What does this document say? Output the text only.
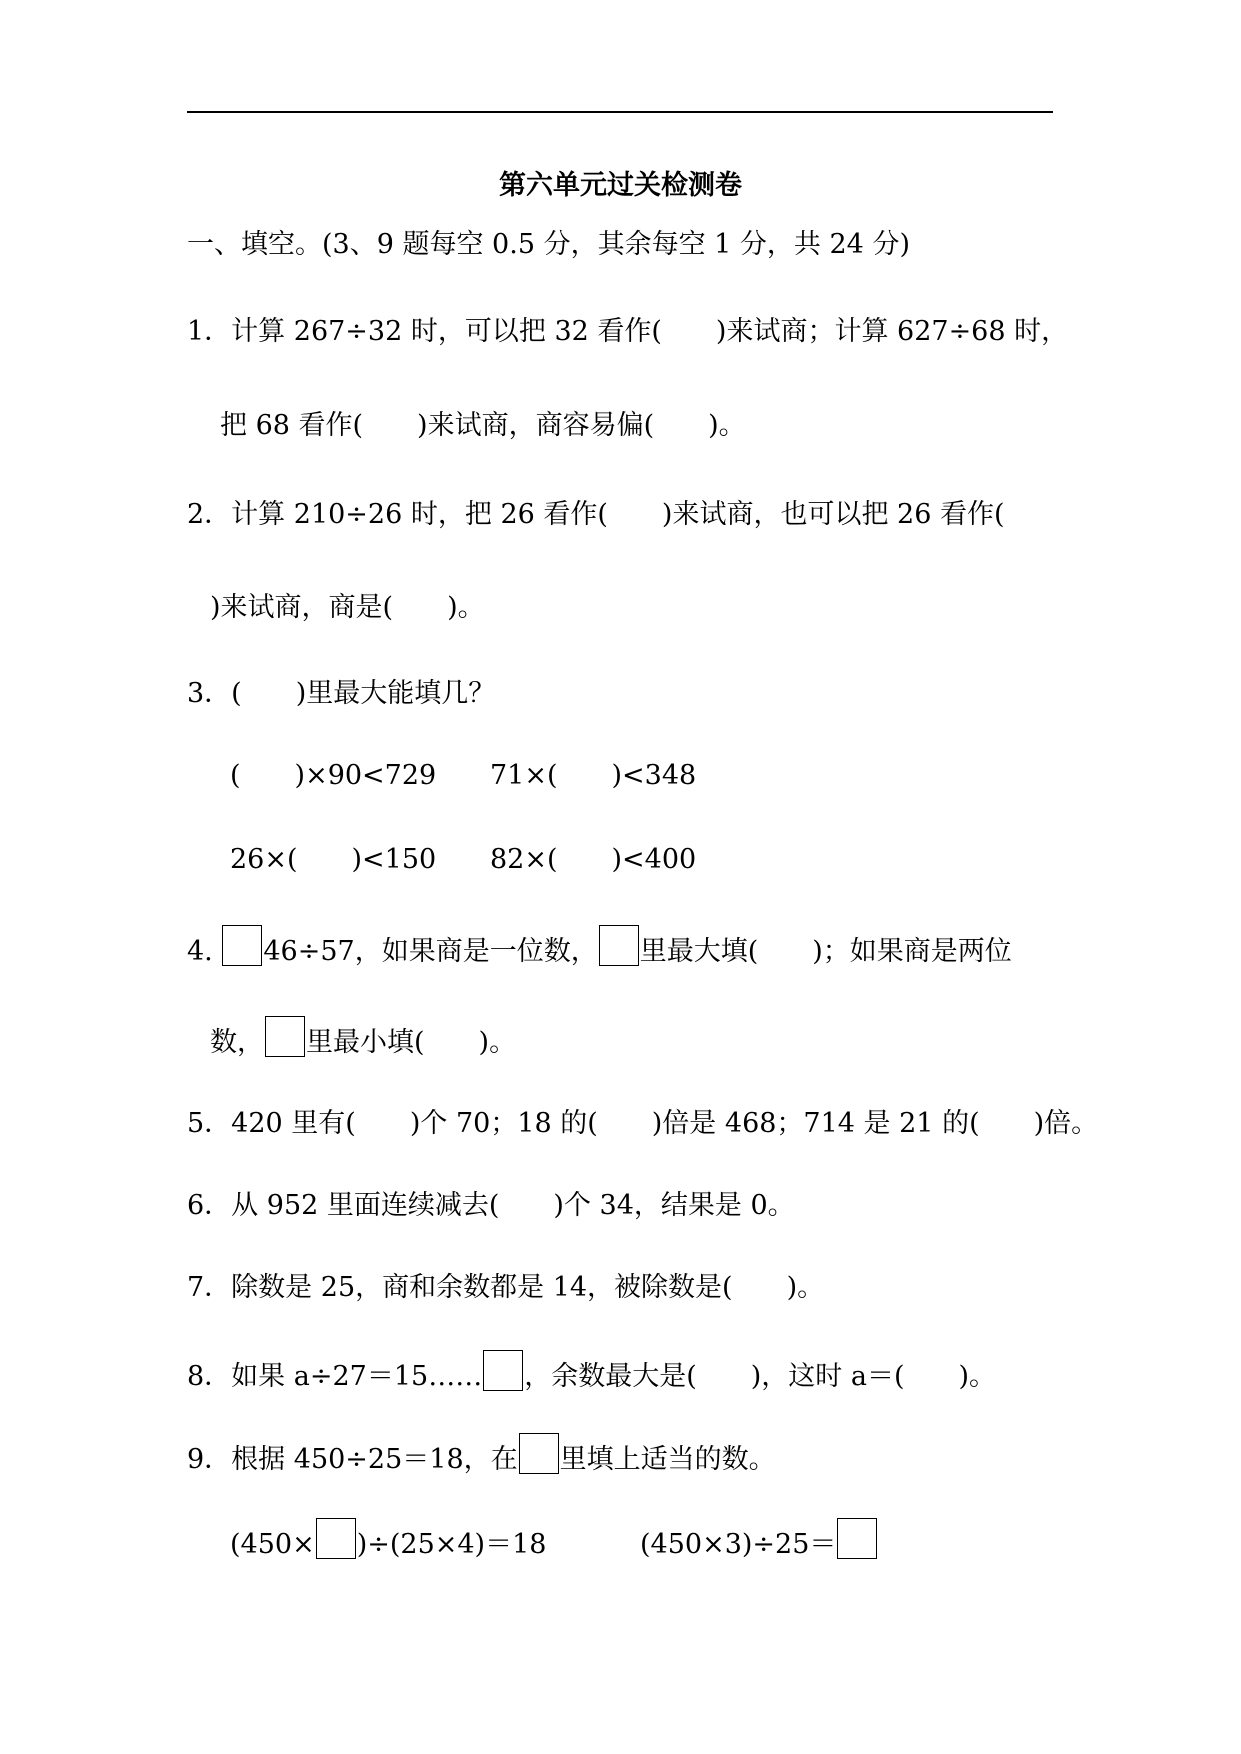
第六单元过关检测卷
一、填空。(3、9 题每空 0.5 分，其余每空 1 分，共 24 分)
1．计算 267÷32 时，可以把 32 看作(　　)来试商；计算 627÷68 时，
把 68 看作(　　)来试商，商容易偏(　　)。
2．计算 210÷26 时，把 26 看作(　　)来试商，也可以把 26 看作(
)来试商，商是(　　)。
3．(　　)里最大能填几？
(　　)×90<729 71×(　　)<348
26×(　　)<150 82×(　　)<400
4. 46÷57，如果商是一位数， 里最大填(　　)；如果商是两位
数， 里最小填(　　)。
5．420 里有(　　)个 70；18 的(　　)倍是 468；714 是 21 的(　　)倍。
6．从 952 里面连续减去(　　)个 34，结果是 0。
7．除数是 25，商和余数都是 14，被除数是(　　)。
8．如果 a÷27＝15…… ，余数最大是(　　)，这时 a＝(　　)。
9．根据 450÷25＝18，在 里填上适当的数。
(450× )÷(25×4)＝18	(450×3)÷25＝
